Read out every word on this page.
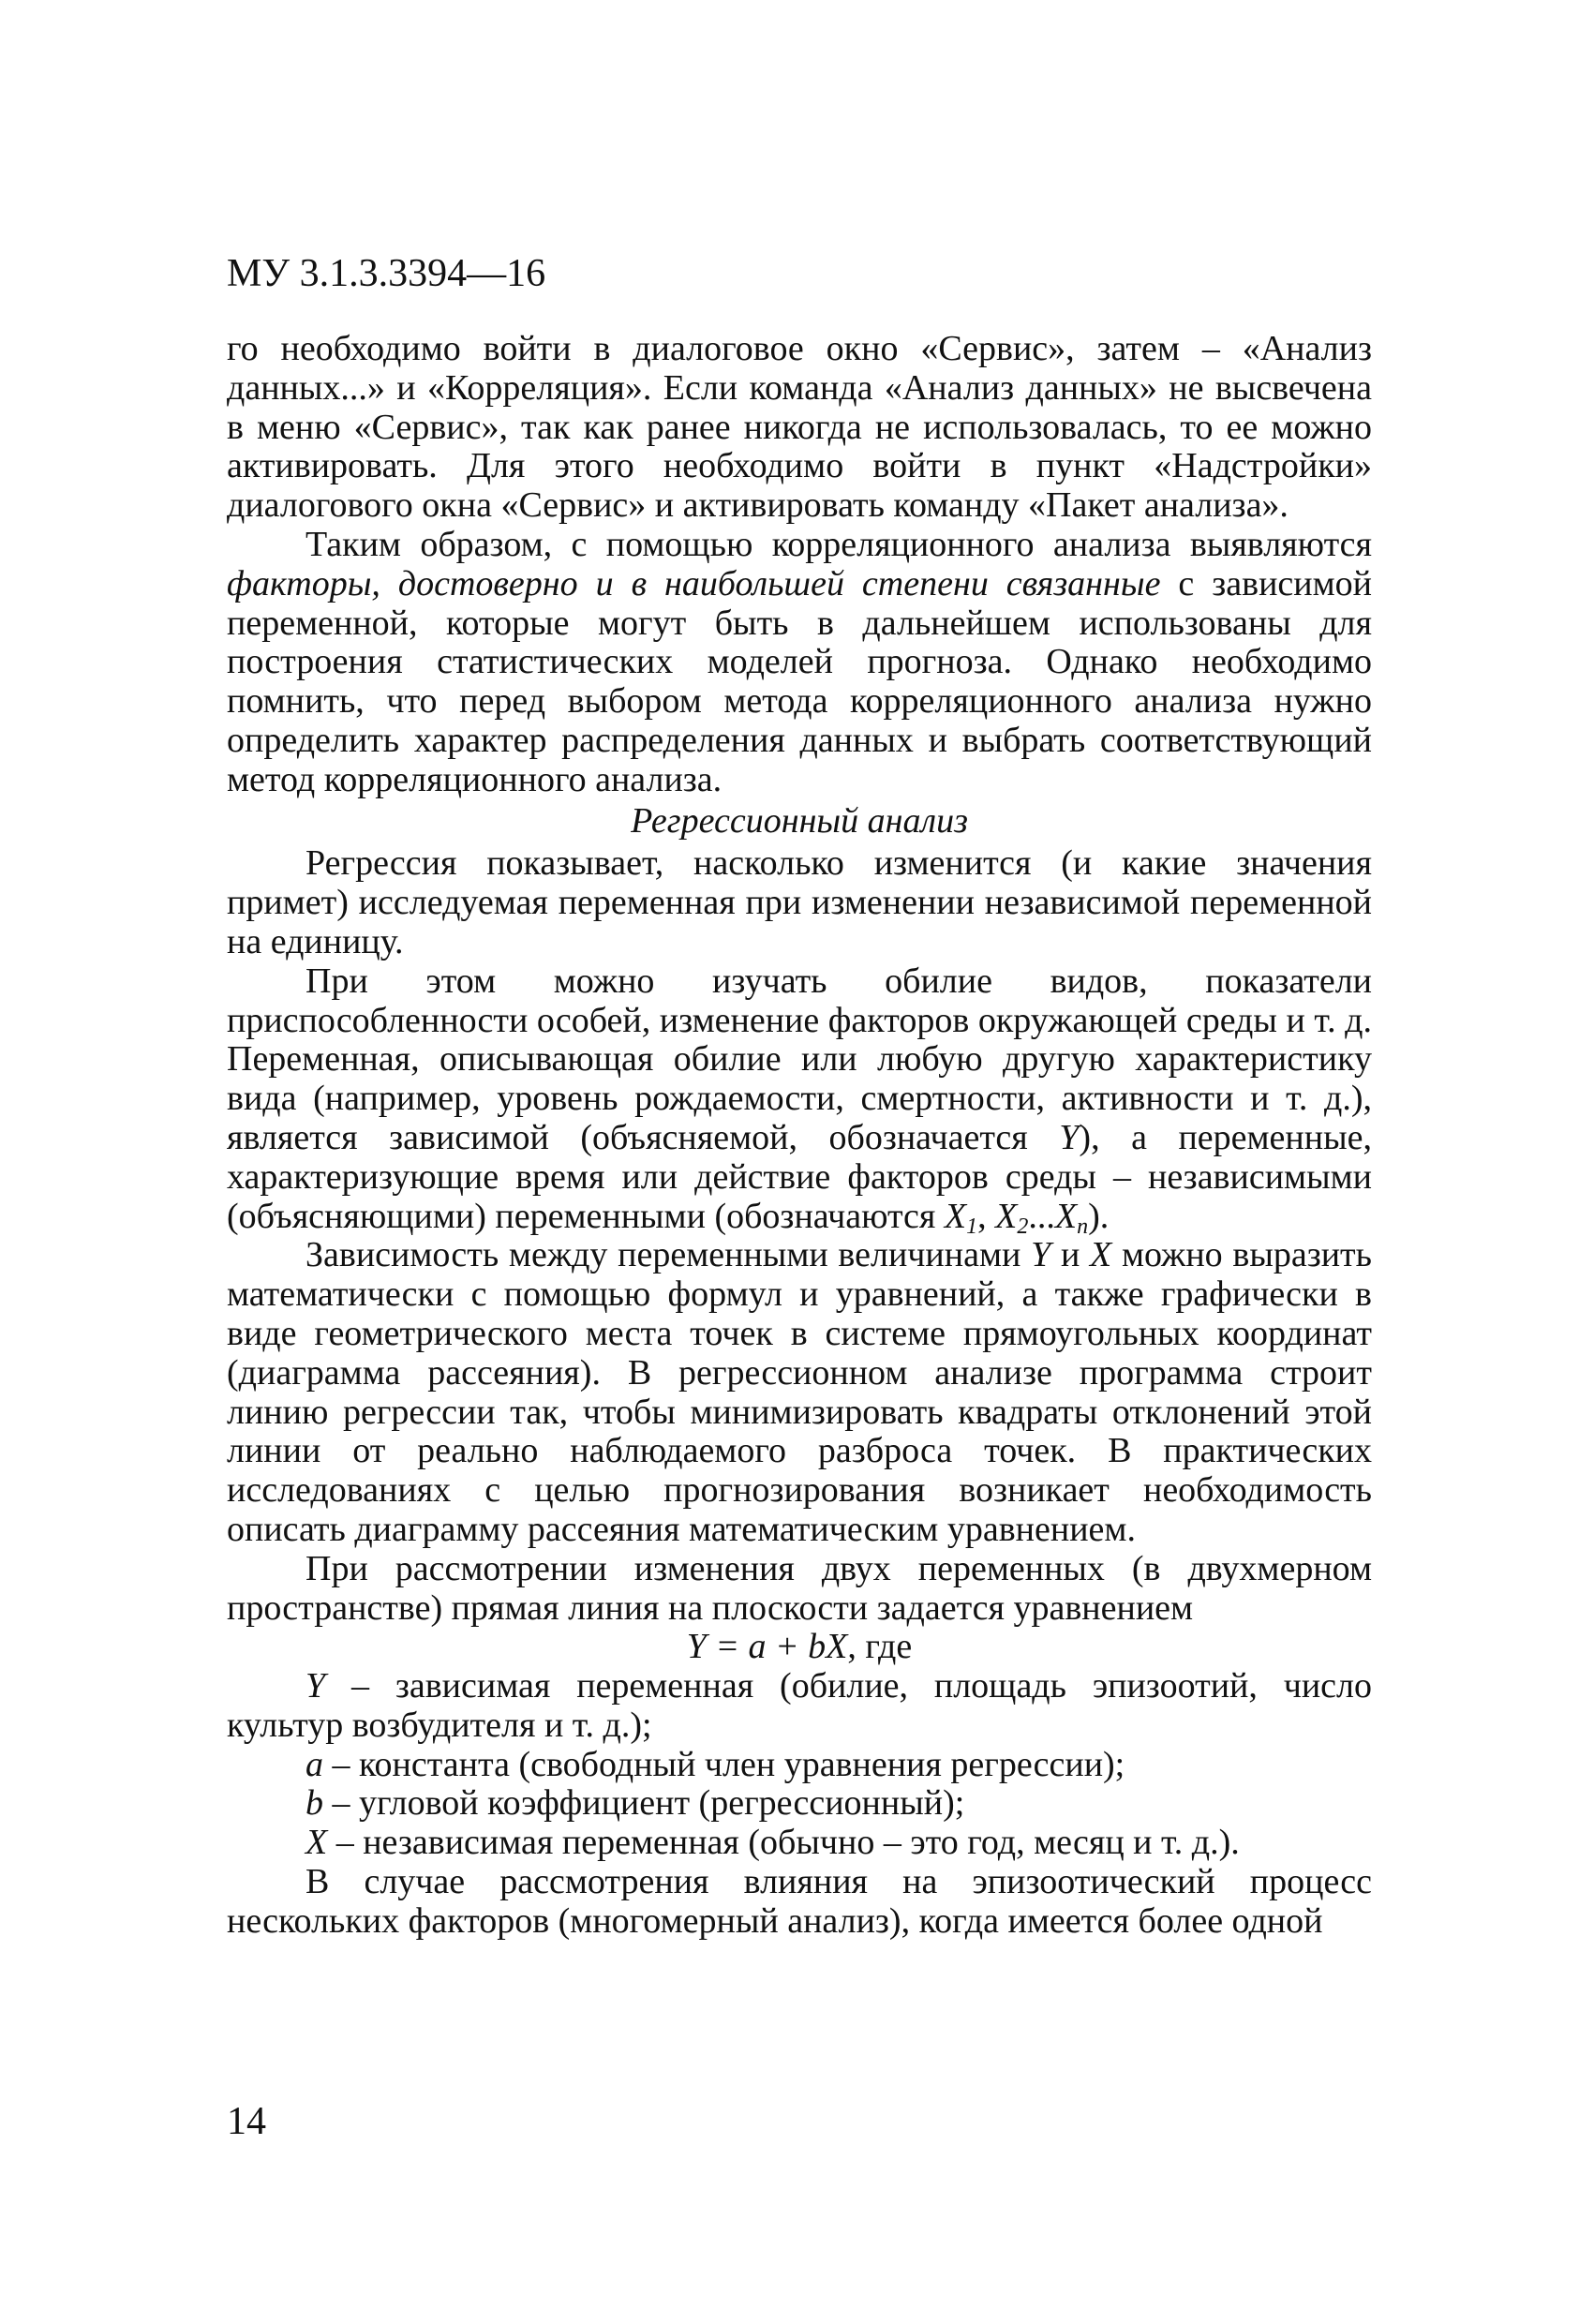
МУ 3.1.3.3394—16

го необходимо войти в диалоговое окно «Сервис», затем – «Анализ данных...» и «Корреляция». Если команда «Анализ данных» не высвечена в меню «Сервис», так как ранее никогда не использовалась, то ее можно активировать. Для этого необходимо войти в пункт «Надстройки» диалогового окна «Сервис» и активировать команду «Пакет анализа».

Таким образом, с помощью корреляционного анализа выявляются факторы, достоверно и в наибольшей степени связанные с зависимой переменной, которые могут быть в дальнейшем использованы для построения статистических моделей прогноза. Однако необходимо помнить, что перед выбором метода корреляционного анализа нужно определить характер распределения данных и выбрать соответствующий метод корреляционного анализа.

Регрессионный анализ

Регрессия показывает, насколько изменится (и какие значения примет) исследуемая переменная при изменении независимой переменной на единицу.

При этом можно изучать обилие видов, показатели приспособленности особей, изменение факторов окружающей среды и т. д. Переменная, описывающая обилие или любую другую характеристику вида (например, уровень рождаемости, смертности, активности и т. д.), является зависимой (объясняемой, обозначается Y), а переменные, характеризующие время или действие факторов среды – независимыми (объясняющими) переменными (обозначаются $X_1$, $X_2...X_n$).

Зависимость между переменными величинами Y и X можно выразить математически с помощью формул и уравнений, а также графически в виде геометрического места точек в системе прямоугольных координат (диаграмма рассеяния). В регрессионном анализе программа строит линию регрессии так, чтобы минимизировать квадраты отклонений этой линии от реально наблюдаемого разброса точек. В практических исследованиях с целью прогнозирования возникает необходимость описать диаграмму рассеяния математическим уравнением.

При рассмотрении изменения двух переменных (в двухмерном пространстве) прямая линия на плоскости задается уравнением

Y = a + bX, где

Y – зависимая переменная (обилие, площадь эпизоотий, число культур возбудителя и т. д.);

a – константа (свободный член уравнения регрессии);

b – угловой коэффициент (регрессионный);

X – независимая переменная (обычно – это год, месяц и т. д.).

В случае рассмотрения влияния на эпизоотический процесс нескольких факторов (многомерный анализ), когда имеется более одной

14
